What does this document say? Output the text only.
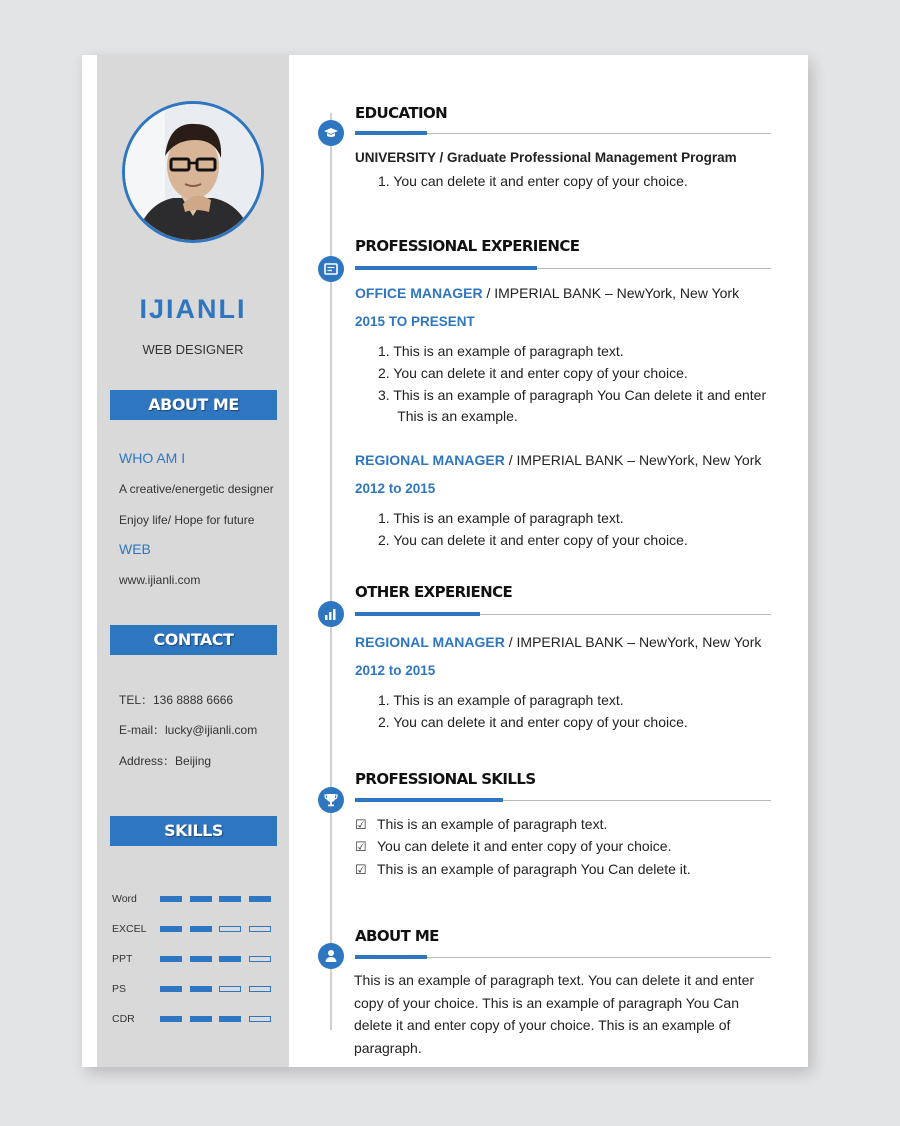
IJIANLI
WEB DESIGNER
ABOUT ME
WHO AM I
A creative/energetic designer
Enjoy life/ Hope for future
WEB
www.ijianli.com
CONTACT
TEL：136 8888 6666
E-mail：lucky@ijianli.com
Address：Beijing
SKILLS
Word
EXCEL
PPT
PS
CDR
EDUCATION
UNIVERSITY / Graduate Professional Management Program
1. You can delete it and enter copy of your choice.
PROFESSIONAL EXPERIENCE
OFFICE MANAGER / IMPERIAL BANK – NewYork, New York
2015 TO PRESENT
1. This is an example of paragraph text.
2. You can delete it and enter copy of your choice.
3. This is an example of paragraph You Can delete it and enter
This is an example.
REGIONAL MANAGER / IMPERIAL BANK – NewYork, New York
2012 to 2015
1. This is an example of paragraph text.
2. You can delete it and enter copy of your choice.
OTHER EXPERIENCE
REGIONAL MANAGER / IMPERIAL BANK – NewYork, New York
2012 to 2015
1. This is an example of paragraph text.
2. You can delete it and enter copy of your choice.
PROFESSIONAL SKILLS
☑ This is an example of paragraph text.
☑ You can delete it and enter copy of your choice.
☑ This is an example of paragraph You Can delete it.
ABOUT ME
This is an example of paragraph text. You can delete it and enter copy of your choice. This is an example of paragraph You Can delete it and enter copy of your choice. This is an example of paragraph.
